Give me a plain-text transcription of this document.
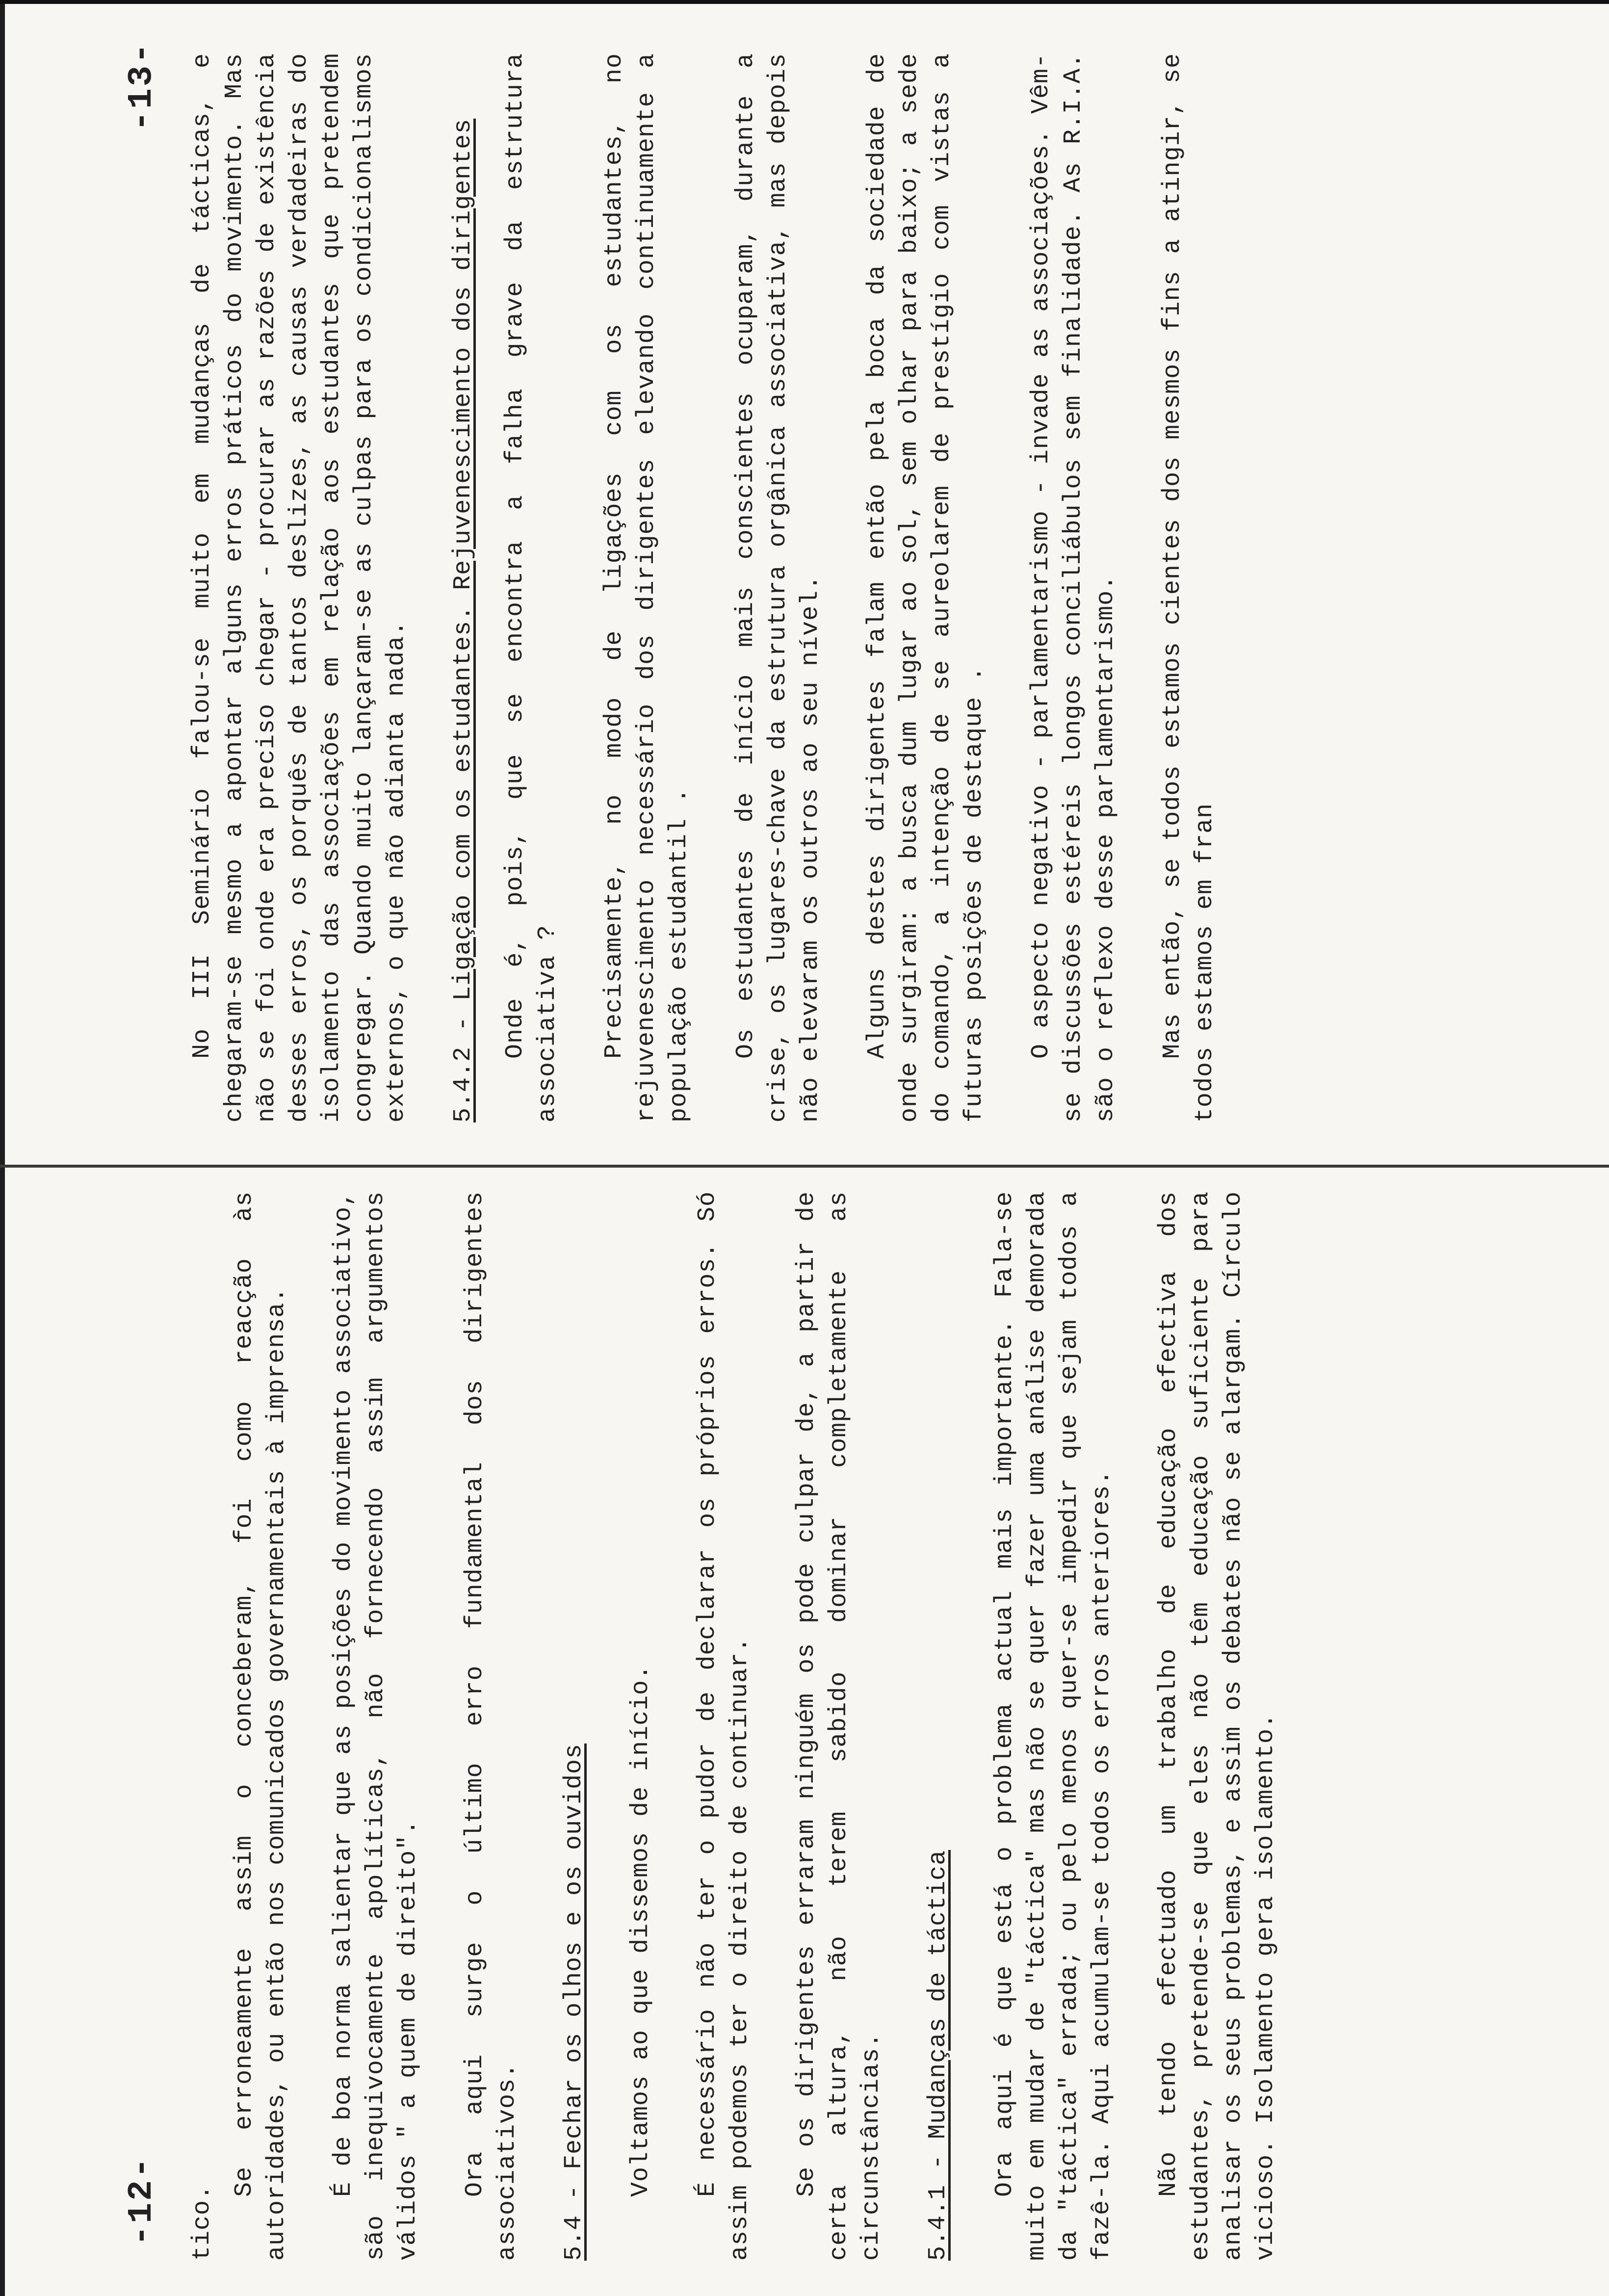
-12- tico.

Se erroneamente assim o conceberam, foi como reacção às autoridades, ou então nos comunicados governamentais à imprensa. É de boa norma salientar que as posições do movimento associativo, são inequivocamente apolíticas, não fornecendo assim argumentos válidos " a quem de direito". Ora aqui surge o último erro fundamental dos dirigentes associativos. 5.4 - Fechar os olhos e os ouvidos Voltamos ao que dissemos de início. É necessário não ter o pudor de declarar os próprios erros. Só assim podemos ter o direito de continuar. Se os dirigentes erraram ninguém os pode culpar de, a partir de certa altura, não terem sabido dominar completamente as circunstâncias. 5.4.1 - Mudanças de táctica Ora aqui é que está o problema actual mais importante. Fala-se muito em mudar de "táctica" mas não se quer fazer uma análise demorada da "táctica" errada; ou pelo menos quer-se impedir que sejam todos a fazê-la. Aqui acumulam-se todos os erros anteriores. Não tendo efectuado um trabalho de educação efectiva dos estudantes, pretende-se que eles não têm educação suficiente para analisar os seus problemas, e assim os debates não se alargam. Círculo vicioso. Isolamento gera isolamento.

-13- No III Seminário falou-se muito em mudanças de tácticas, e chegaram-se mesmo a apontar alguns erros práticos do movimento. Mas não se foi onde era preciso chegar - procurar as razões de existência desses erros, os porquês de tantos deslizes, as causas verdadeiras do isolamento das associações em relação aos estudantes que pretendem congregar. Quando muito lançaram-se as culpas para os condicionalismos externos, o que não adianta nada. 5.4.2 - Ligação com os estudantes. Rejuvenescimento dos dirigentes Onde é, pois, que se encontra a falha grave da estrutura associativa ? Precisamente, no modo de ligações com os estudantes, no rejuvenescimento necessário dos dirigentes elevando continuamente a população estudantil . Os estudantes de início mais conscientes ocuparam, durante a crise, os lugares-chave da estrutura orgânica associativa, mas depois não elevaram os outros ao seu nível. Alguns destes dirigentes falam então pela boca da sociedade de onde surgiram: a busca dum lugar ao sol, sem olhar para baixo; a sede do comando, a intenção de se aureolarem de prestígio com vistas a futuras posições de destaque . O aspecto negativo - parlamentarismo - invade as associações. Vêm-se discussões estéreis longos conciliábulos sem finalidade. As R.I.A. são o reflexo desse parlamentarismo. Mas então, se todos estamos cientes dos mesmos fins a atingir, se todos estamos em fran
